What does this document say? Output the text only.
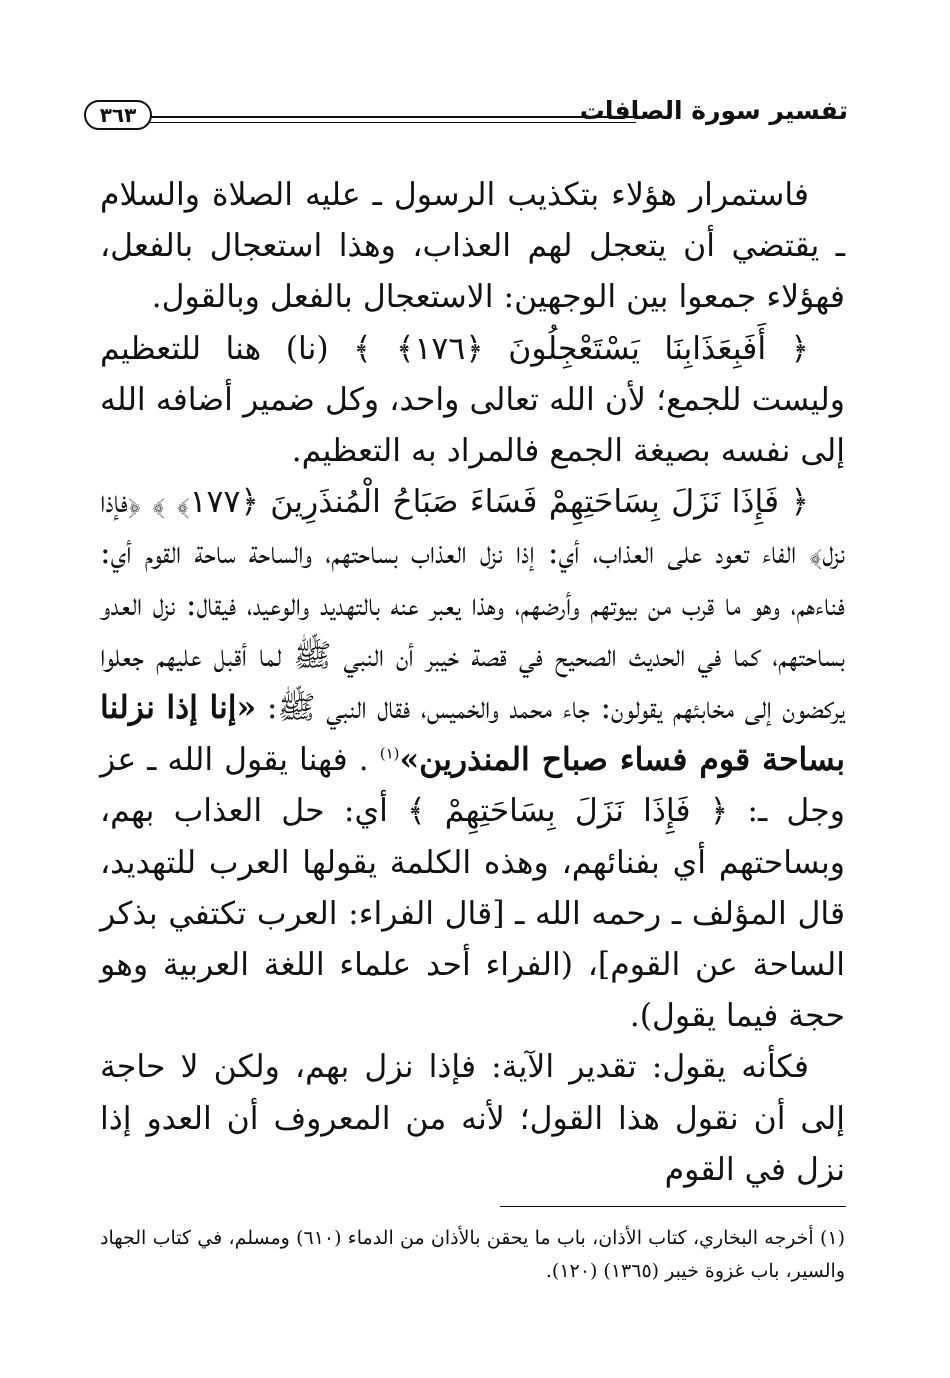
تفسير سورة الصافات
٣٦٣

فاستمرار هؤلاء بتكذيب الرسول ـ عليه الصلاة والسلام ـ يقتضي أن يتعجل لهم العذاب، وهذا استعجال بالفعل، فهؤلاء جمعوا بين الوجهين: الاستعجال بالفعل وبالقول.

﴿ أَفَبِعَذَابِنَا يَسْتَعْجِلُونَ ﴿١٧٦﴾ ﴾ (نا) هنا للتعظيم وليست للجمع؛ لأن الله تعالى واحد، وكل ضمير أضافه الله إلى نفسه بصيغة الجمع فالمراد به التعظيم.

﴿ فَإِذَا نَزَلَ بِسَاحَتِهِمْ فَسَاءَ صَبَاحُ الْمُنذَرِينَ ﴿١٧٧﴾ ﴾ ﴿فإذا نزل﴾ الفاء تعود على العذاب، أي: إذا نزل العذاب بساحتهم، والساحة ساحة القوم أي: فناءهم، وهو ما قرب من بيوتهم وأرضهم، وهذا يعبر عنه بالتهديد والوعيد، فيقال: نزل العدو بساحتهم، كما في الحديث الصحيح في قصة خيبر أن النبي ﷺ لما أقبل عليهم جعلوا يركضون إلى مخابئهم يقولون: جاء محمد والخميس، فقال النبي ﷺ: «إنا إذا نزلنا بساحة قوم فساء صباح المنذرين»$^{(١)}$ . فهنا يقول الله ـ عز وجل ـ: ﴿ فَإِذَا نَزَلَ بِسَاحَتِهِمْ ﴾ أي: حل العذاب بهم، وبساحتهم أي بفنائهم، وهذه الكلمة يقولها العرب للتهديد، قال المؤلف ـ رحمه الله ـ [قال الفراء: العرب تكتفي بذكر الساحة عن القوم]، (الفراء أحد علماء اللغة العربية وهو حجة فيما يقول).

فكأنه يقول: تقدير الآية: فإذا نزل بهم، ولكن لا حاجة إلى أن نقول هذا القول؛ لأنه من المعروف أن العدو إذا نزل في القوم

(١) أخرجه البخاري، كتاب الأذان، باب ما يحقن بالأذان من الدماء (٦١٠) ومسلم، في كتاب الجهاد والسير، باب غزوة خيبر (١٣٦٥) (١٢٠).
